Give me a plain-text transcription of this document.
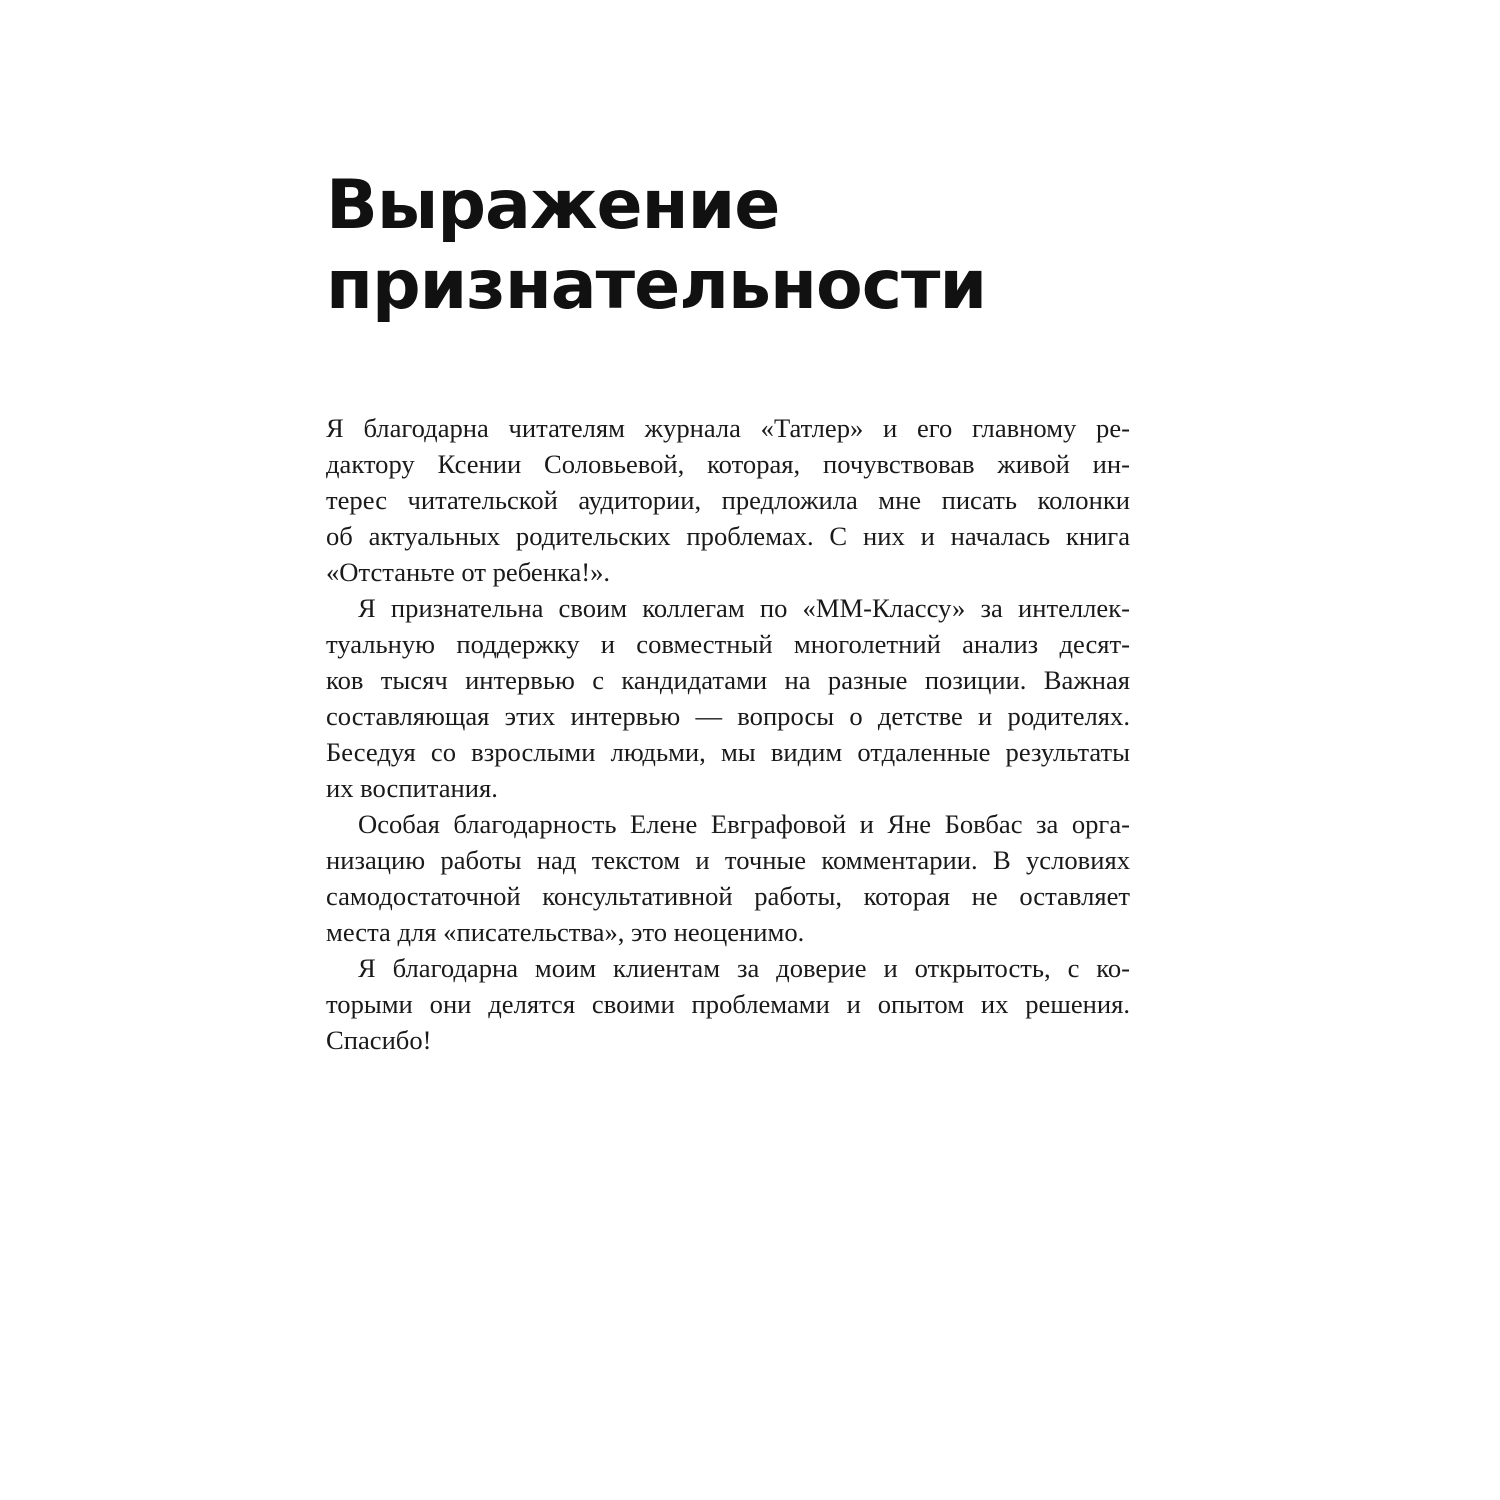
Выражение
признательности
Я благодарна читателям журнала «Татлер» и его главному ре-
дактору Ксении Соловьевой, которая, почувствовав живой ин-
терес читательской аудитории, предложила мне писать колонки
об актуальных родительских проблемах. С них и началась книга
«Отстаньте от ребенка!».
Я признательна своим коллегам по «ММ-Классу» за интеллек-
туальную поддержку и совместный многолетний анализ десят-
ков тысяч интервью с кандидатами на разные позиции. Важная
составляющая этих интервью — вопросы о детстве и родителях.
Беседуя со взрослыми людьми, мы видим отдаленные результаты
их воспитания.
Особая благодарность Елене Евграфовой и Яне Бовбас за орга-
низацию работы над текстом и точные комментарии. В условиях
самодостаточной консультативной работы, которая не оставляет
места для «писательства», это неоценимо.
Я благодарна моим клиентам за доверие и открытость, с ко-
торыми они делятся своими проблемами и опытом их решения.
Спасибо!
